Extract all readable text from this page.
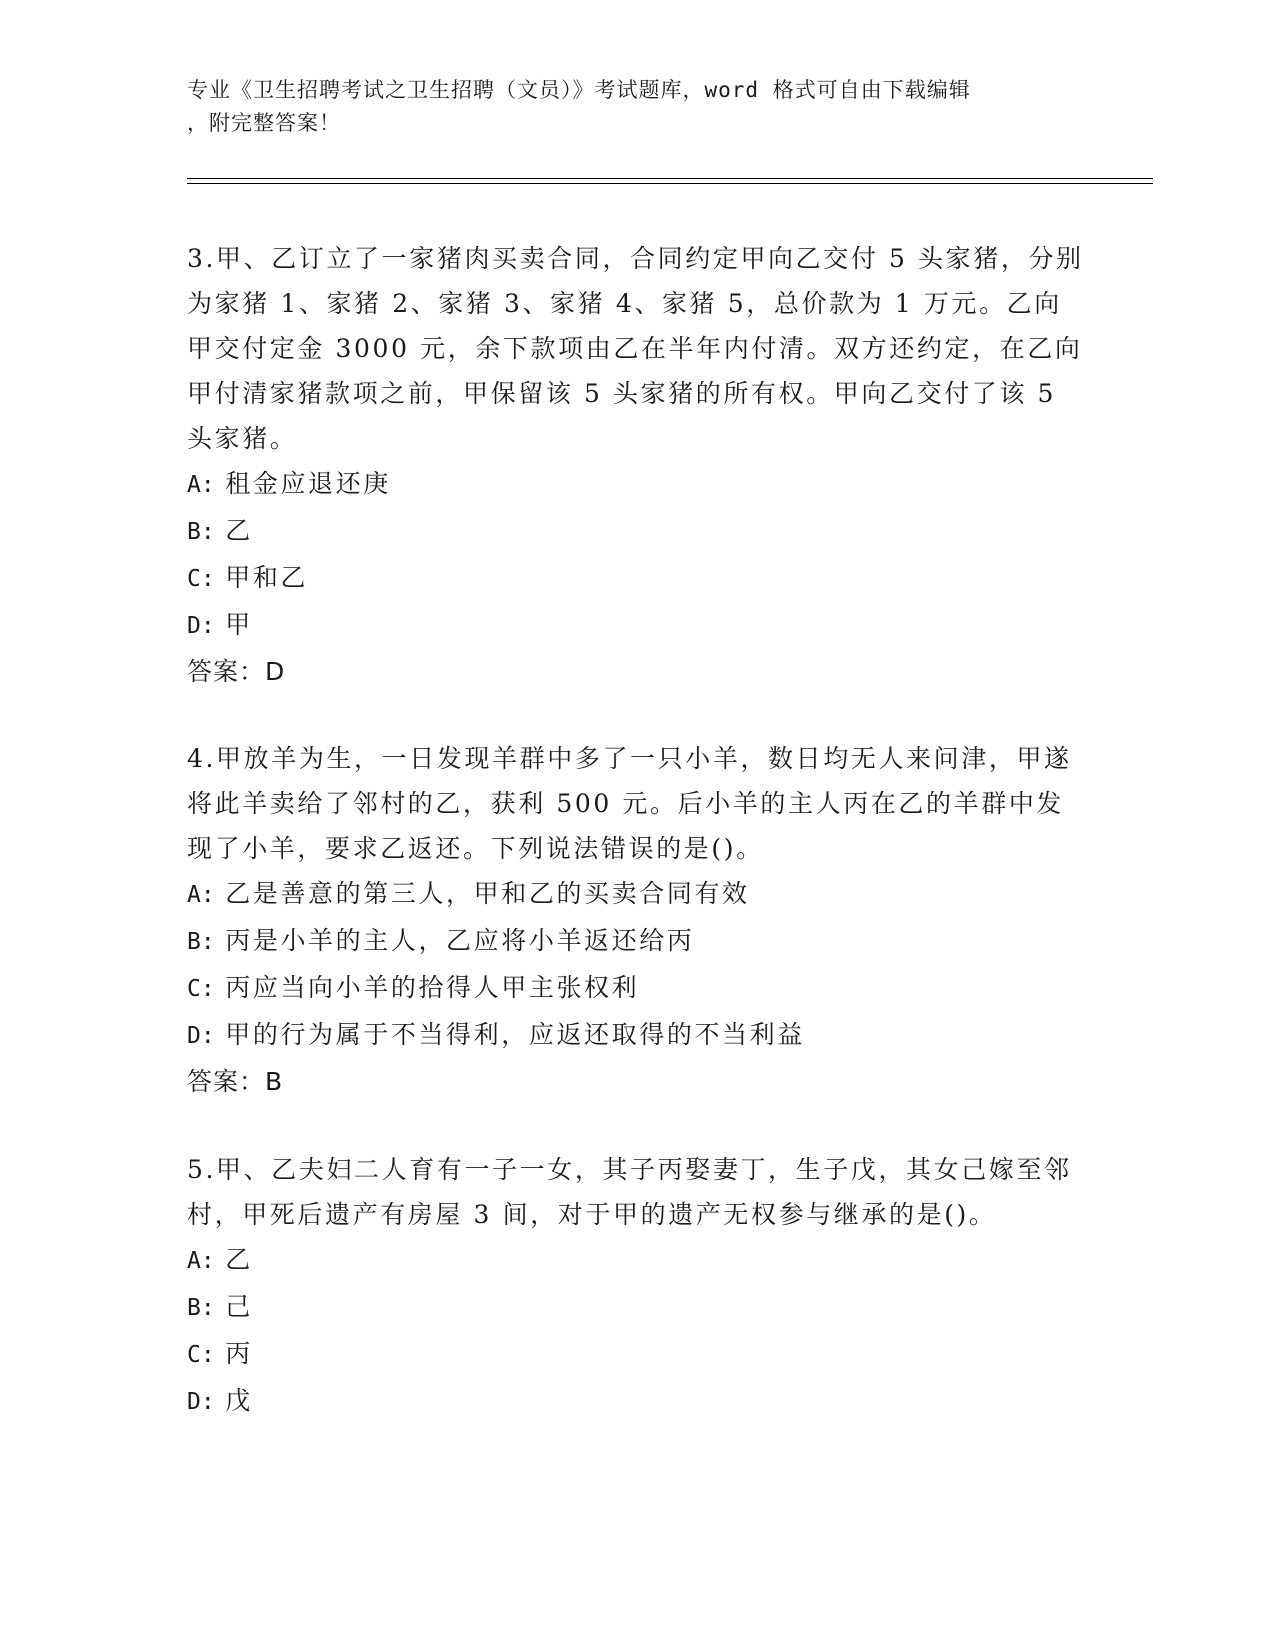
专业《卫生招聘考试之卫生招聘（文员）》考试题库，word 格式可自由下载编辑
，附完整答案！

3.甲、乙订立了一家猪肉买卖合同，合同约定甲向乙交付 5 头家猪，分别为家猪 1、家猪 2、家猪 3、家猪 4、家猪 5，总价款为 1 万元。乙向甲交付定金 3000 元，余下款项由乙在半年内付清。双方还约定，在乙向甲付清家猪款项之前，甲保留该 5 头家猪的所有权。甲向乙交付了该 5 头家猪。

A: 租金应退还庚

B: 乙

C: 甲和乙

D: 甲

答案：D

4.甲放羊为生，一日发现羊群中多了一只小羊，数日均无人来问津，甲遂将此羊卖给了邻村的乙，获利 500 元。后小羊的主人丙在乙的羊群中发现了小羊，要求乙返还。下列说法错误的是()。

A: 乙是善意的第三人，甲和乙的买卖合同有效

B: 丙是小羊的主人，乙应将小羊返还给丙

C: 丙应当向小羊的拾得人甲主张权利

D: 甲的行为属于不当得利，应返还取得的不当利益

答案：B

5.甲、乙夫妇二人育有一子一女，其子丙娶妻丁，生子戊，其女己嫁至邻村，甲死后遗产有房屋 3 间，对于甲的遗产无权参与继承的是()。

A: 乙

B: 己

C: 丙

D: 戊
